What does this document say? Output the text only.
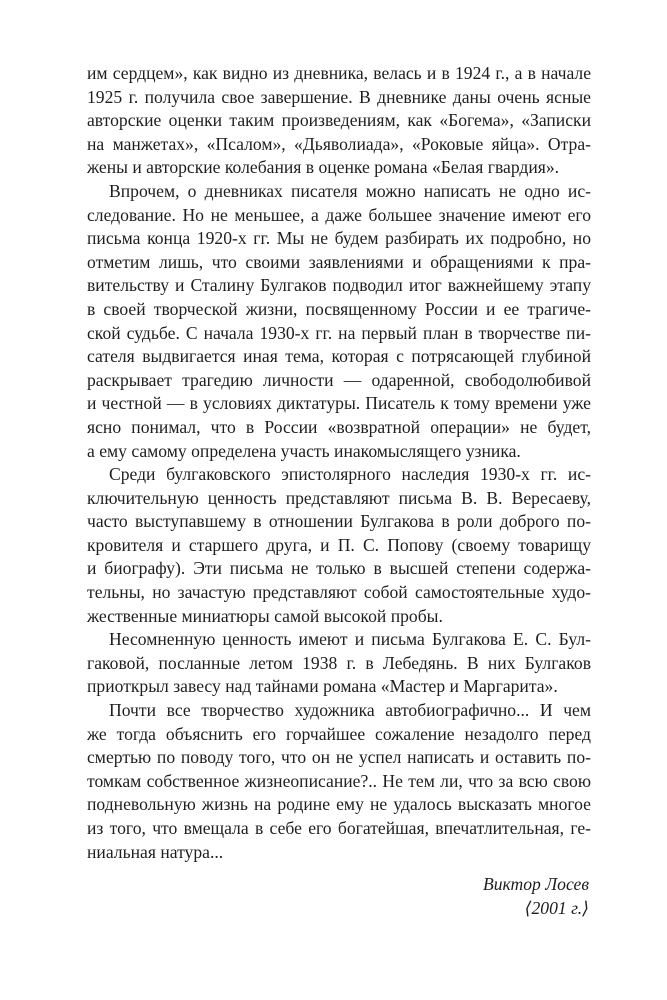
им сердцем», как видно из дневника, велась и в 1924 г., а в начале
1925 г. получила свое завершение. В дневнике даны очень ясные
авторские оценки таким произведениям, как «Богема», «Записки
на манжетах», «Псалом», «Дьяволиада», «Роковые яйца». Отра-
жены и авторские колебания в оценке романа «Белая гвардия».
Впрочем, о дневниках писателя можно написать не одно ис-
следование. Но не меньшее, а даже большее значение имеют его
письма конца 1920-х гг. Мы не будем разбирать их подробно, но
отметим лишь, что своими заявлениями и обращениями к пра-
вительству и Сталину Булгаков подводил итог важнейшему этапу
в своей творческой жизни, посвященному России и ее трагиче-
ской судьбе. С начала 1930-х гг. на первый план в творчестве пи-
сателя выдвигается иная тема, которая с потрясающей глубиной
раскрывает трагедию личности — одаренной, свободолюбивой
и честной — в условиях диктатуры. Писатель к тому времени уже
ясно понимал, что в России «возвратной операции» не будет,
а ему самому определена участь инакомыслящего узника.
Среди булгаковского эпистолярного наследия 1930-х гг. ис-
ключительную ценность представляют письма В. В. Вересаеву,
часто выступавшему в отношении Булгакова в роли доброго по-
кровителя и старшего друга, и П. С. Попову (своему товарищу
и биографу). Эти письма не только в высшей степени содержа-
тельны, но зачастую представляют собой самостоятельные худо-
жественные миниатюры самой высокой пробы.
Несомненную ценность имеют и письма Булгакова Е. С. Бул-
гаковой, посланные летом 1938 г. в Лебедянь. В них Булгаков
приоткрыл завесу над тайнами романа «Мастер и Маргарита».
Почти все творчество художника автобиографично... И чем
же тогда объяснить его горчайшее сожаление незадолго перед
смертью по поводу того, что он не успел написать и оставить по-
томкам собственное жизнеописание?.. Не тем ли, что за всю свою
подневольную жизнь на родине ему не удалось высказать многое
из того, что вмещала в себе его богатейшая, впечатлительная, ге-
ниальная натура...
Виктор Лосев
⟨2001 г.⟩
